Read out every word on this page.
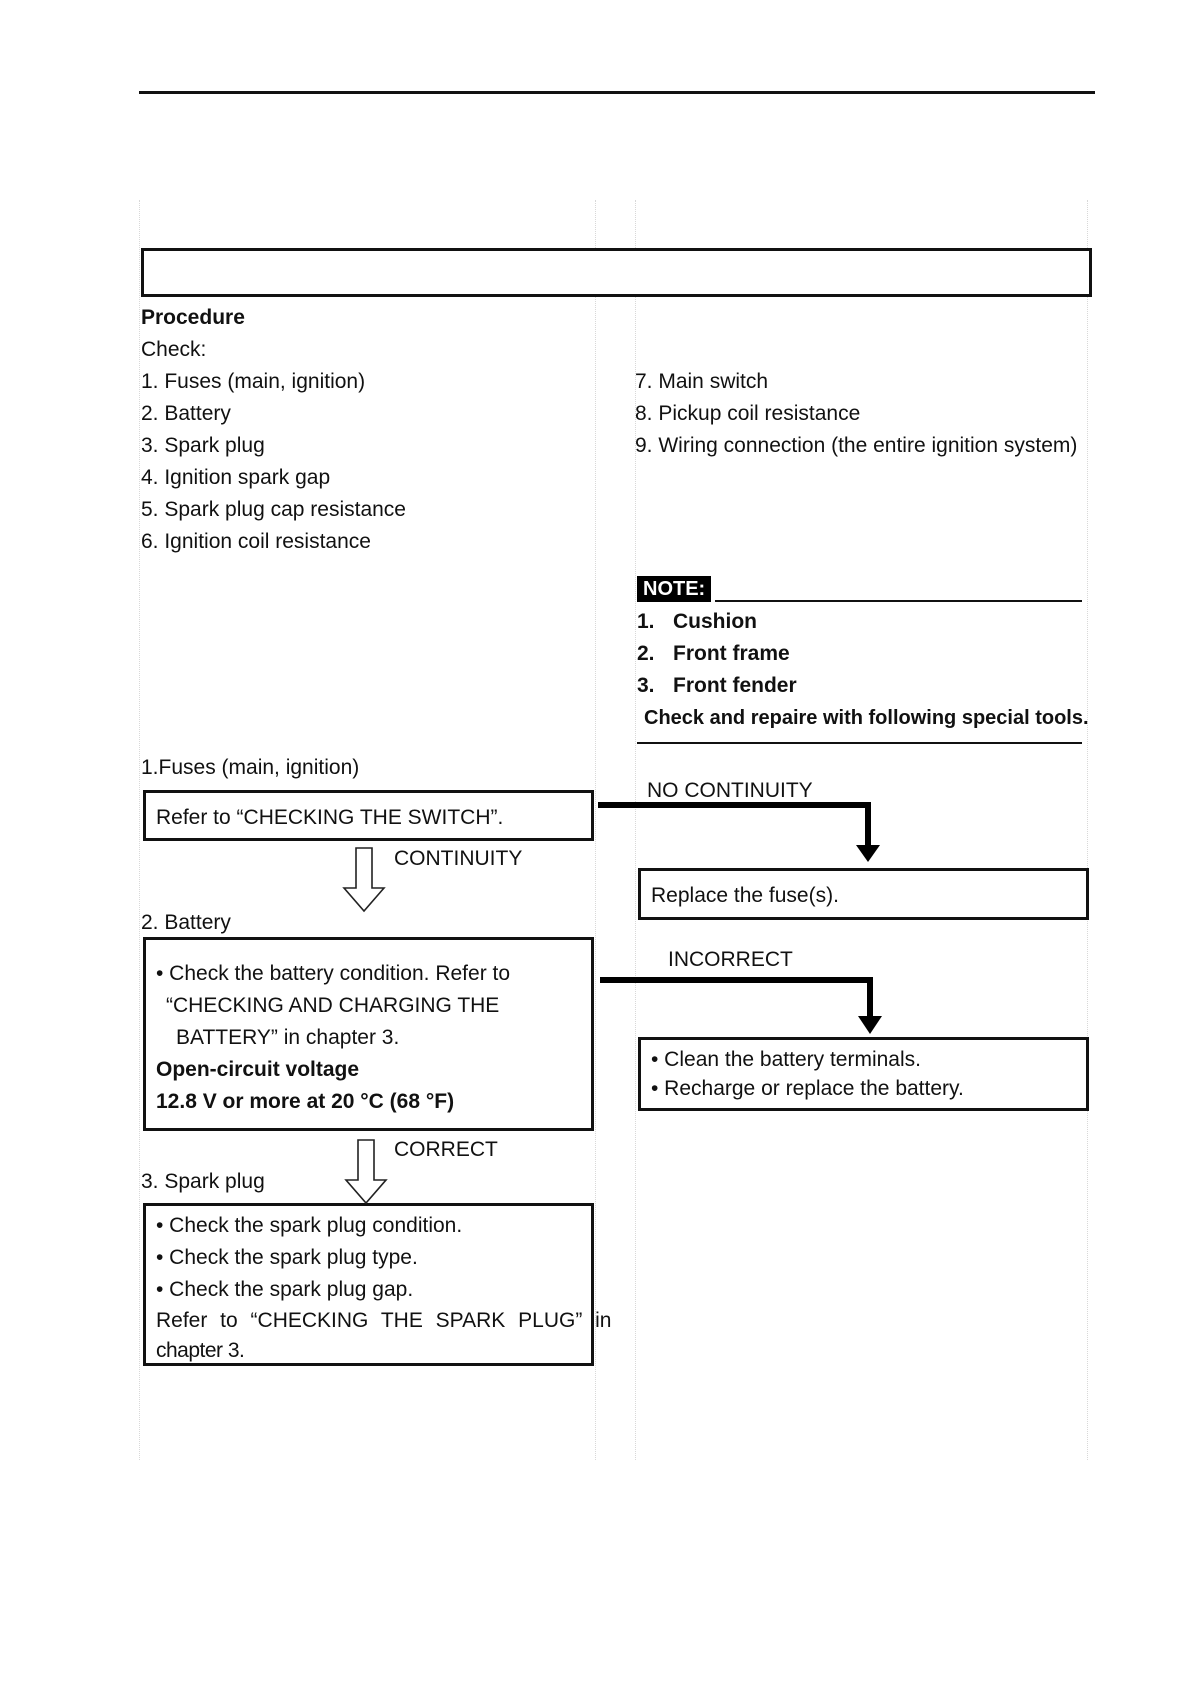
Procedure
Check:
1. Fuses (main, ignition)
2. Battery
3. Spark plug
4. Ignition spark gap
5. Spark plug cap resistance
6. Ignition coil resistance
7. Main switch
8. Pickup coil resistance
9. Wiring connection (the entire ignition system)
NOTE:
1. Cushion
2. Front frame
3. Front fender
Check and repaire with following special tools.
1.Fuses (main, ignition)
Refer to “CHECKING THE SWITCH”.
NO CONTINUITY
CONTINUITY
Replace the fuse(s).
2. Battery
• Check the battery condition. Refer to
“CHECKING AND CHARGING THE
BATTERY” in chapter 3.
Open-circuit voltage
12.8 V or more at 20 °C (68 °F)
INCORRECT
• Clean the battery terminals.
• Recharge or replace the battery.
CORRECT
3. Spark plug
• Check the spark plug condition.
• Check the spark plug type.
• Check the spark plug gap.
Refer to “CHECKING THE SPARK PLUG” in
chapter 3.
